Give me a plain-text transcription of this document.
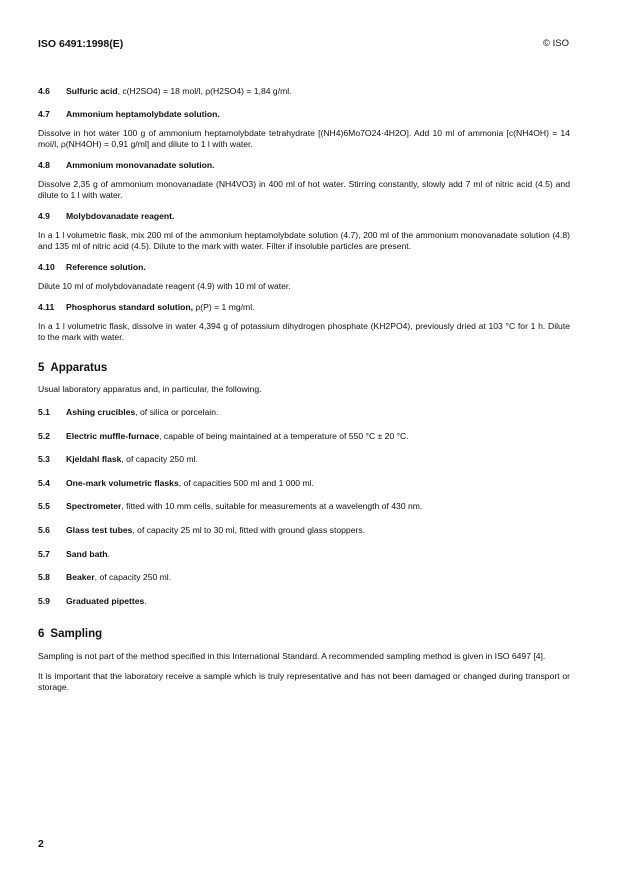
ISO 6491:1998(E)	© ISO

4.6 Sulfuric acid, c(H2SO4) = 18 mol/l, ρ(H2SO4) = 1,84 g/ml.

4.7 Ammonium heptamolybdate solution.

Dissolve in hot water 100 g of ammonium heptamolybdate tetrahydrate [(NH4)6Mo7O24·4H2O]. Add 10 ml of ammonia [c(NH4OH) = 14 mol/l, ρ(NH4OH) = 0,91 g/ml] and dilute to 1 l with water.

4.8 Ammonium monovanadate solution.

Dissolve 2,35 g of ammonium monovanadate (NH4VO3) in 400 ml of hot water. Stirring constantly, slowly add 7 ml of nitric acid (4.5) and dilute to 1 l with water.

4.9 Molybdovanadate reagent.

In a 1 l volumetric flask, mix 200 ml of the ammonium heptamolybdate solution (4.7), 200 ml of the ammonium monovanadate solution (4.8) and 135 ml of nitric acid (4.5). Dilute to the mark with water. Filter if insoluble particles are present.

4.10 Reference solution.

Dilute 10 ml of molybdovanadate reagent (4.9) with 10 ml of water.

4.11 Phosphorus standard solution, ρ(P) = 1 mg/ml.

In a 1 l volumetric flask, dissolve in water 4,394 g of potassium dihydrogen phosphate (KH2PO4), previously dried at 103 °C for 1 h. Dilute to the mark with water.

5 Apparatus

Usual laboratory apparatus and, in particular, the following.

5.1 Ashing crucibles, of silica or porcelain.

5.2 Electric muffle-furnace, capable of being maintained at a temperature of 550 °C ± 20 °C.

5.3 Kjeldahl flask, of capacity 250 ml.

5.4 One-mark volumetric flasks, of capacities 500 ml and 1 000 ml.

5.5 Spectrometer, fitted with 10 mm cells, suitable for measurements at a wavelength of 430 nm.

5.6 Glass test tubes, of capacity 25 ml to 30 ml, fitted with ground glass stoppers.

5.7 Sand bath.

5.8 Beaker, of capacity 250 ml.

5.9 Graduated pipettes.

6 Sampling

Sampling is not part of the method specified in this International Standard. A recommended sampling method is given in ISO 6497 [4].

It is important that the laboratory receive a sample which is truly representative and has not been damaged or changed during transport or storage.

2
